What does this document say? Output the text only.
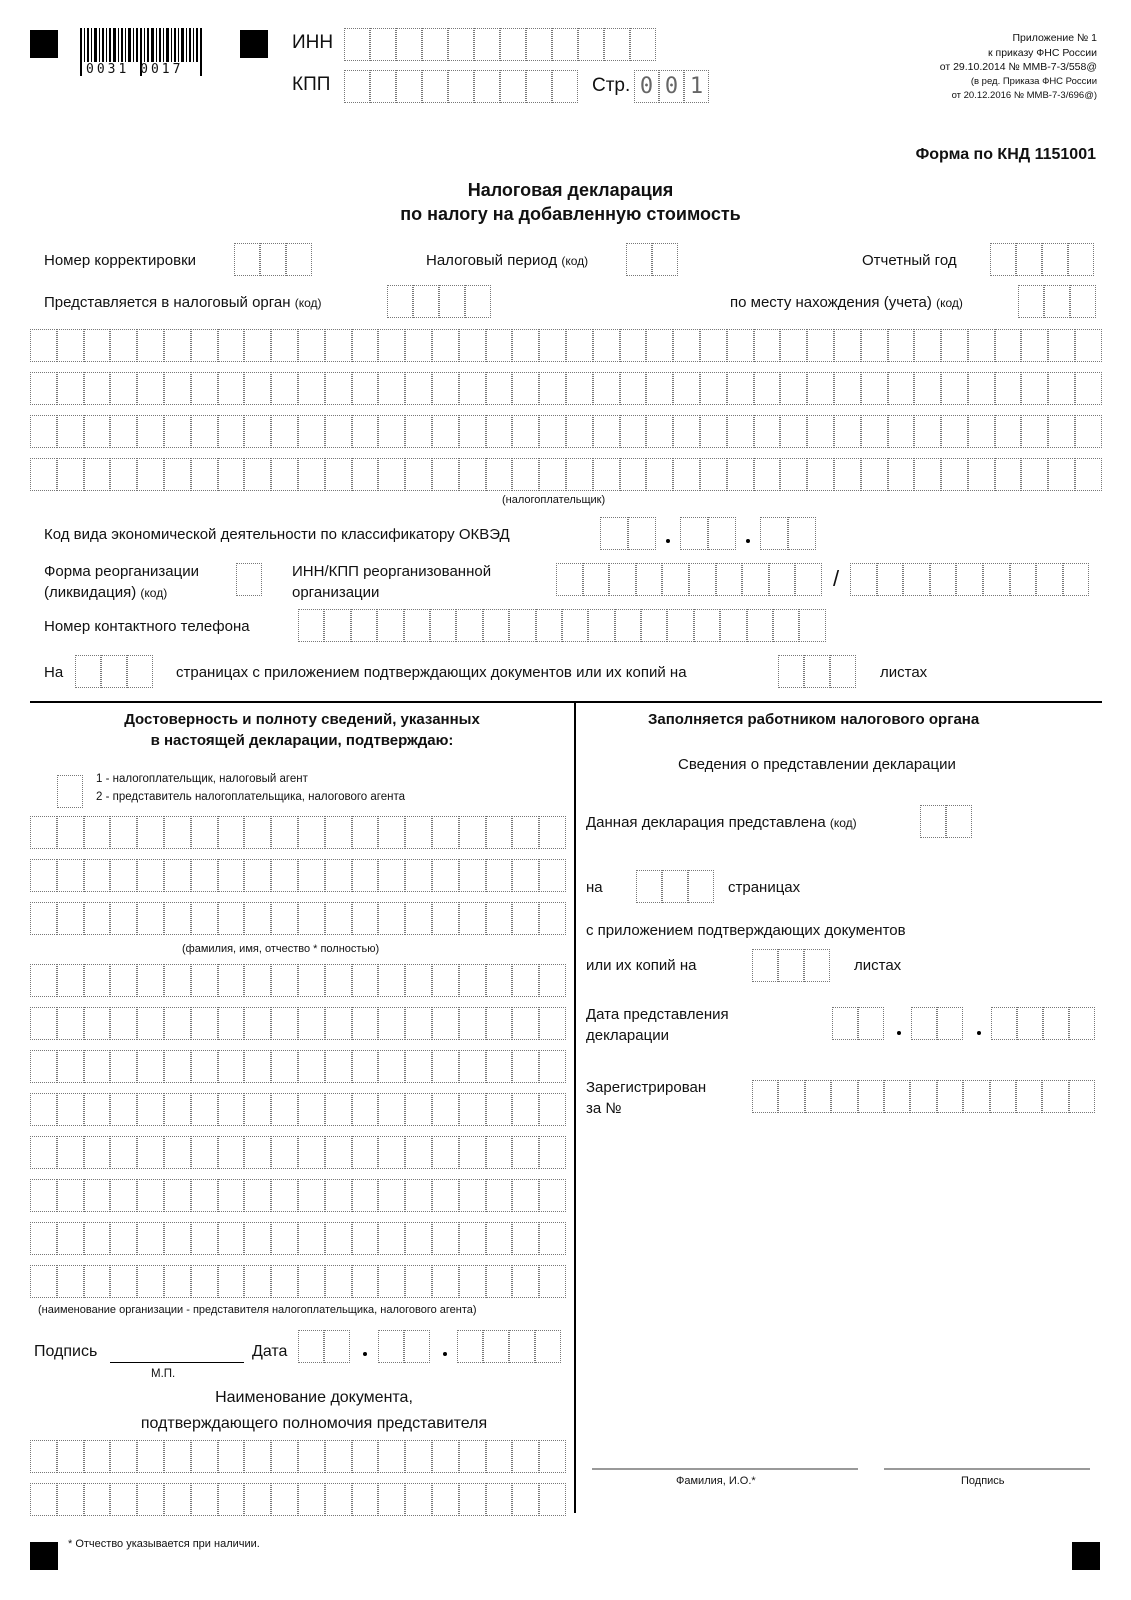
0031 0017
ИНН
КПП	Стр. 0 0 1
Приложение № 1
к приказу ФНС России
от 29.10.2014 № ММВ-7-3/558@
(в ред. Приказа ФНС России
от 20.12.2016 № ММВ-7-3/696@)
Форма по КНД 1151001
Налоговая декларация
по налогу на добавленную стоимость
Номер корректировки	Налоговый период (код)	Отчетный год
Представляется в налоговый орган (код)	по месту нахождения (учета) (код)
(налогоплательщик)
Код вида экономической деятельности по классификатору ОКВЭД
Форма реорганизации
(ликвидация) (код)
ИНН/КПП реорганизованной
организации
/
Номер контактного телефона
На	страницах с приложением подтверждающих документов или их копий на	листах
Достоверность и полноту сведений, указанных
в настоящей декларации, подтверждаю:
1 - налогоплательщик, налоговый агент
2 - представитель налогоплательщика, налогового агента
(фамилия, имя, отчество * полностью)
(наименование организации - представителя налогоплательщика, налогового агента)
Подпись	Дата
М.П.
Наименование документа,
подтверждающего полномочия представителя
Заполняется работником налогового органа
Сведения о представлении декларации
Данная декларация представлена (код)
на	страницах
с приложением подтверждающих документов
или их копий на	листах
Дата представления
декларации
Зарегистрирован
за №
Фамилия, И.О.*	Подпись
* Отчество указывается при наличии.
